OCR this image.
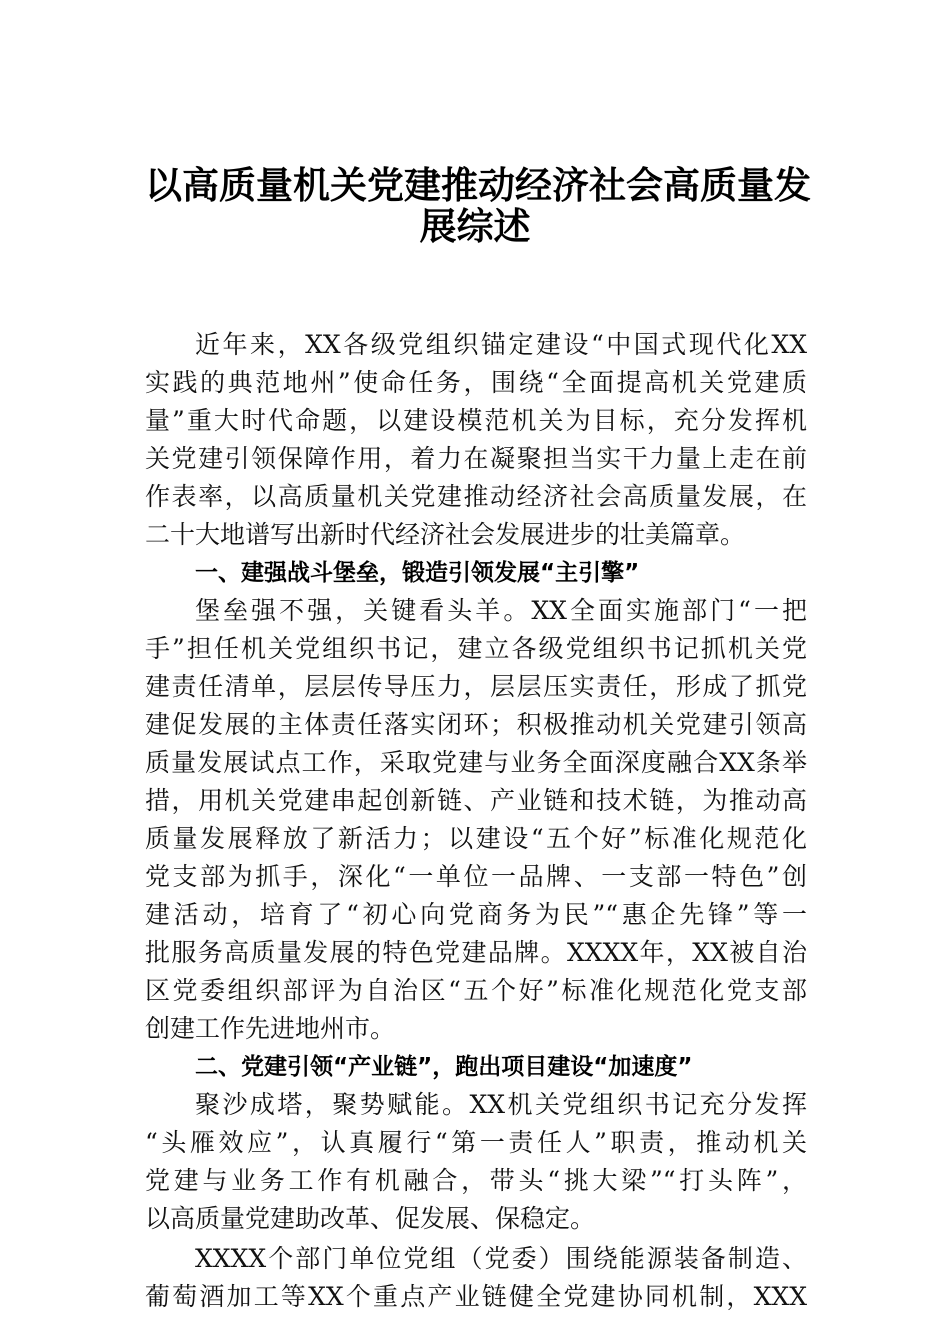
以高质量机关党建推动经济社会高质量发
展综述
近年来，XX各级党组织锚定建设“中国式现代化XX
实践的典范地州”使命任务，围绕“全面提高机关党建质
量”重大时代命题，以建设模范机关为目标，充分发挥机
关党建引领保障作用，着力在凝聚担当实干力量上走在前
作表率，以高质量机关党建推动经济社会高质量发展，在
二十大地谱写出新时代经济社会发展进步的壮美篇章。
一、建强战斗堡垒，锻造引领发展“主引擎”
堡垒强不强，关键看头羊。XX全面实施部门“一把
手”担任机关党组织书记，建立各级党组织书记抓机关党
建责任清单，层层传导压力，层层压实责任，形成了抓党
建促发展的主体责任落实闭环；积极推动机关党建引领高
质量发展试点工作，采取党建与业务全面深度融合XX条举
措，用机关党建串起创新链、产业链和技术链，为推动高
质量发展释放了新活力；以建设“五个好”标准化规范化
党支部为抓手，深化“一单位一品牌、一支部一特色”创
建活动，培育了“初心向党商务为民”“惠企先锋”等一
批服务高质量发展的特色党建品牌。XXXX年，XX被自治
区党委组织部评为自治区“五个好”标准化规范化党支部
创建工作先进地州市。
二、党建引领“产业链”，跑出项目建设“加速度”
聚沙成塔，聚势赋能。XX机关党组织书记充分发挥
“头雁效应”，认真履行“第一责任人”职责，推动机关
党建与业务工作有机融合，带头“挑大梁”“打头阵”，
以高质量党建助改革、促发展、保稳定。
XXXX个部门单位党组（党委）围绕能源装备制造、
葡萄酒加工等XX个重点产业链健全党建协同机制，XXX
